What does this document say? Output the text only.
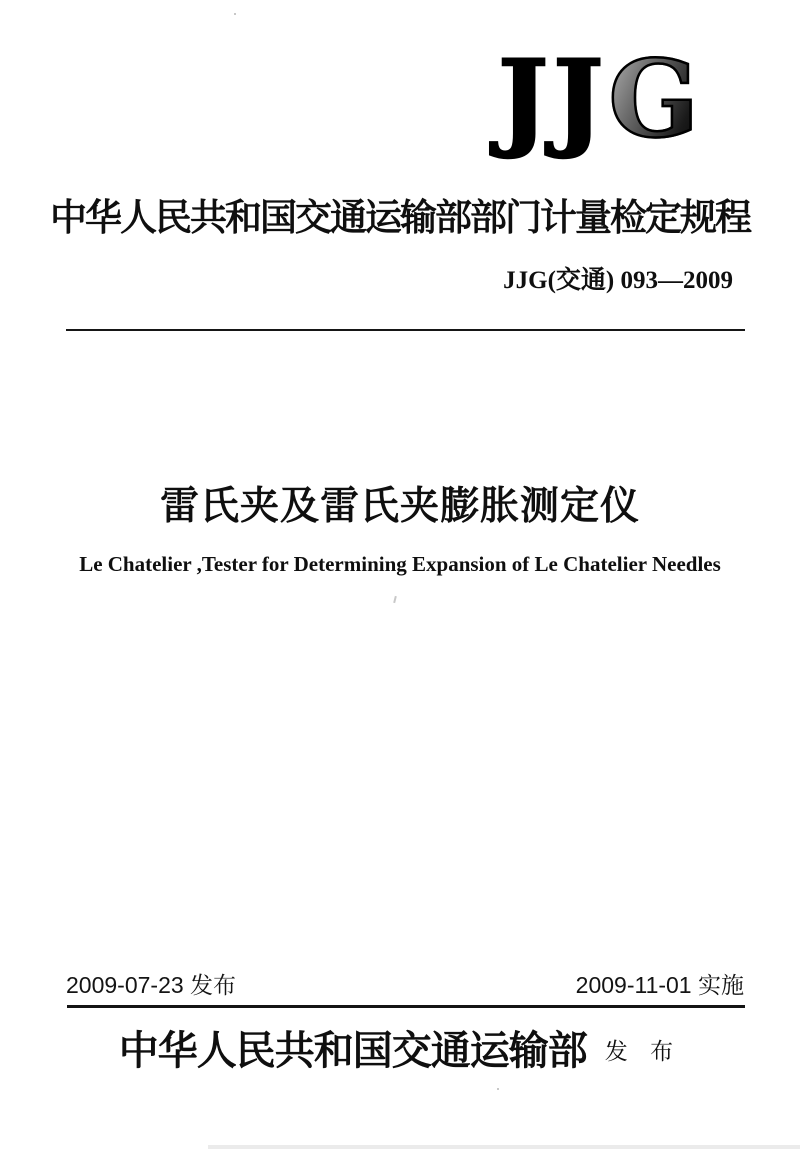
JJG
中华人民共和国交通运输部部门计量检定规程
JJG(交通) 093—2009
雷氏夹及雷氏夹膨胀测定仪
Le Chatelier ,Tester for Determining Expansion of Le Chatelier Needles
2009-07-23 发布	2009-11-01 实施
中华人民共和国交通运输部 发 布
